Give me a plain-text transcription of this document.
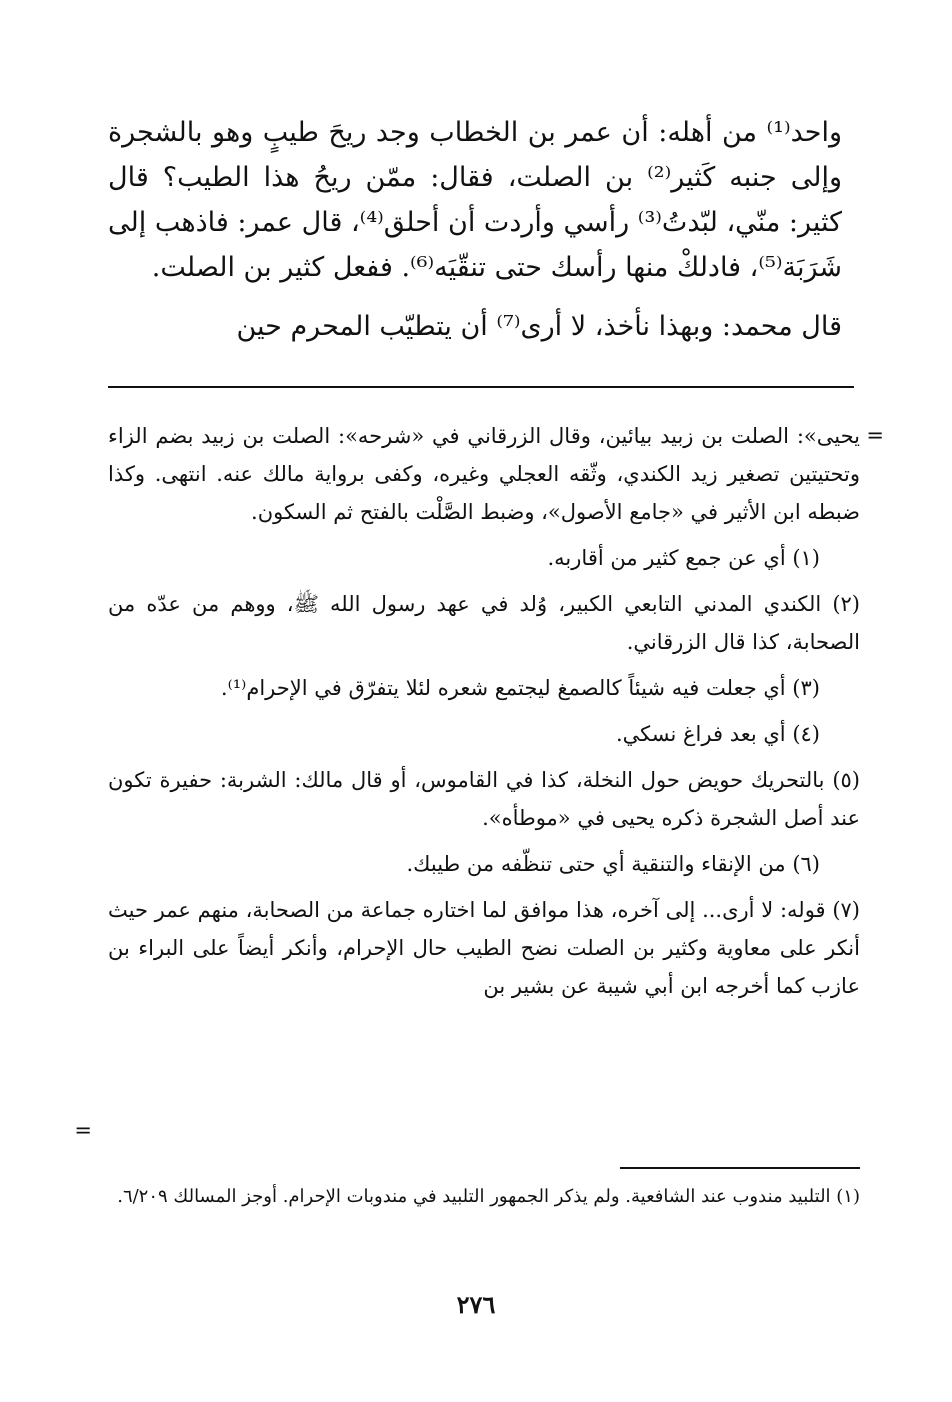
واحد⁽¹⁾ من أهله: أن عمر بن الخطاب وجد ريحَ طيبٍ وهو بالشجرة وإلى جنبه كَثير⁽²⁾ بن الصلت، فقال: ممّن ريحُ هذا الطيب؟ قال كثير: منّي، لبّدتُ⁽³⁾ رأسي وأردت أن أحلق⁽⁴⁾، قال عمر: فاذهب إلى شَرَبَة⁽⁵⁾، فادلكْ منها رأسك حتى تنقّيَه⁽⁶⁾. ففعل كثير بن الصلت.

قال محمد: وبهذا نأخذ، لا أرى⁽⁷⁾ أن يتطيّب المحرم حين

=

يحيى»: الصلت بن زبيد بيائين، وقال الزرقاني في «شرحه»: الصلت بن زبيد بضم الزاء وتحتيتين تصغير زيد الكندي، وثّقه العجلي وغيره، وكفى برواية مالك عنه. انتهى. وكذا ضبطه ابن الأثير في «جامع الأصول»، وضبط الصَّلْت بالفتح ثم السكون.

(١) أي عن جمع كثير من أقاربه.

(٢) الكندي المدني التابعي الكبير، وُلد في عهد رسول الله ﷺ، ووهم من عدّه من الصحابة، كذا قال الزرقاني.

(٣) أي جعلت فيه شيئاً كالصمغ ليجتمع شعره لئلا يتفرّق في الإحرام⁽¹⁾.

(٤) أي بعد فراغ نسكي.

(٥) بالتحريك حويض حول النخلة، كذا في القاموس، أو قال مالك: الشربة: حفيرة تكون عند أصل الشجرة ذكره يحيى في «موطأه».

(٦) من الإنقاء والتنقية أي حتى تنظّفه من طيبك.

(٧) قوله: لا أرى... إلى آخره، هذا موافق لما اختاره جماعة من الصحابة، منهم عمر حيث أنكر على معاوية وكثير بن الصلت نضح الطيب حال الإحرام، وأنكر أيضاً على البراء بن عازب كما أخرجه ابن أبي شيبة عن بشير بن

=

(١) التلبيد مندوب عند الشافعية. ولم يذكر الجمهور التلبيد في مندوبات الإحرام. أوجز المسالك ٦/٢٠٩.

٢٧٦
